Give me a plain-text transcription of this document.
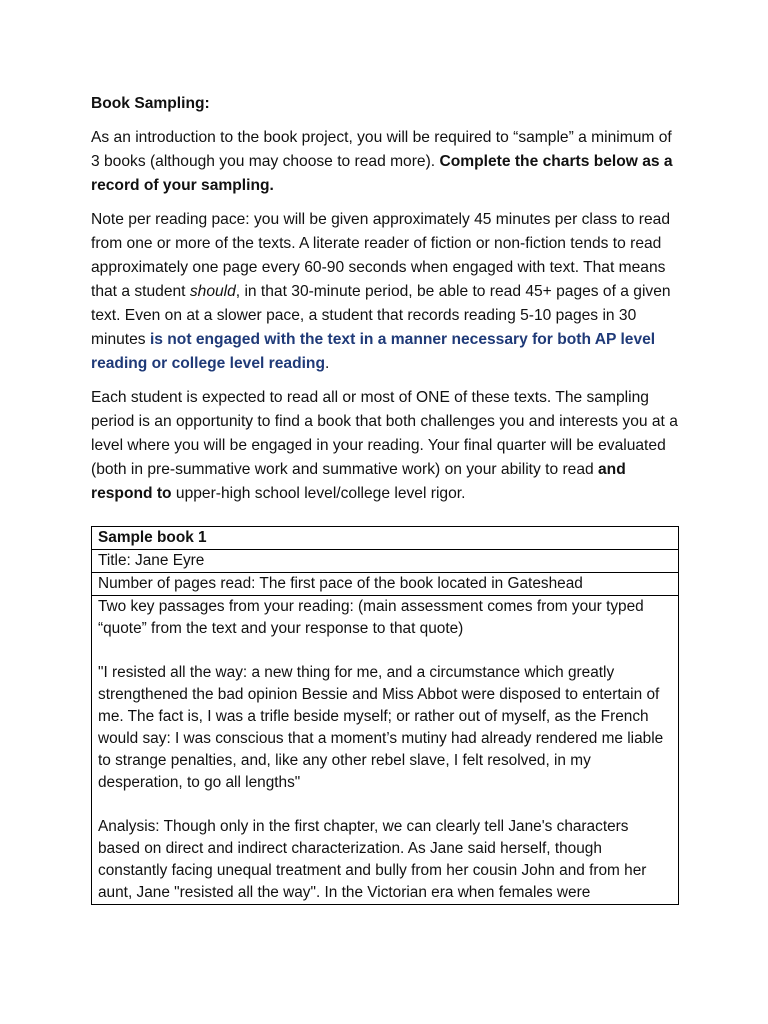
Book Sampling:

As an introduction to the book project, you will be required to “sample” a minimum of 3 books (although you may choose to read more). Complete the charts below as a record of your sampling.

Note per reading pace: you will be given approximately 45 minutes per class to read from one or more of the texts. A literate reader of fiction or non-fiction tends to read approximately one page every 60-90 seconds when engaged with text. That means that a student should, in that 30-minute period, be able to read 45+ pages of a given text. Even on at a slower pace, a student that records reading 5-10 pages in 30 minutes is not engaged with the text in a manner necessary for both AP level reading or college level reading.

Each student is expected to read all or most of ONE of these texts. The sampling period is an opportunity to find a book that both challenges you and interests you at a level where you will be engaged in your reading. Your final quarter will be evaluated (both in pre-summative work and summative work) on your ability to read and respond to upper-high school level/college level rigor.

Sample book 1
Title: Jane Eyre
Number of pages read: The first pace of the book located in Gateshead

Two key passages from your reading: (main assessment comes from your typed “quote” from the text and your response to that quote)
"I resisted all the way: a new thing for me, and a circumstance which greatly strengthened the bad opinion Bessie and Miss Abbot were disposed to entertain of me. The fact is, I was a trifle beside myself; or rather out of myself, as the French would say: I was conscious that a moment’s mutiny had already rendered me liable to strange penalties, and, like any other rebel slave, I felt resolved, in my desperation, to go all lengths"
Analysis: Though only in the first chapter, we can clearly tell Jane's characters based on direct and indirect characterization. As Jane said herself, though constantly facing unequal treatment and bully from her cousin John and from her aunt, Jane "resisted all the way". In the Victorian era when females were
